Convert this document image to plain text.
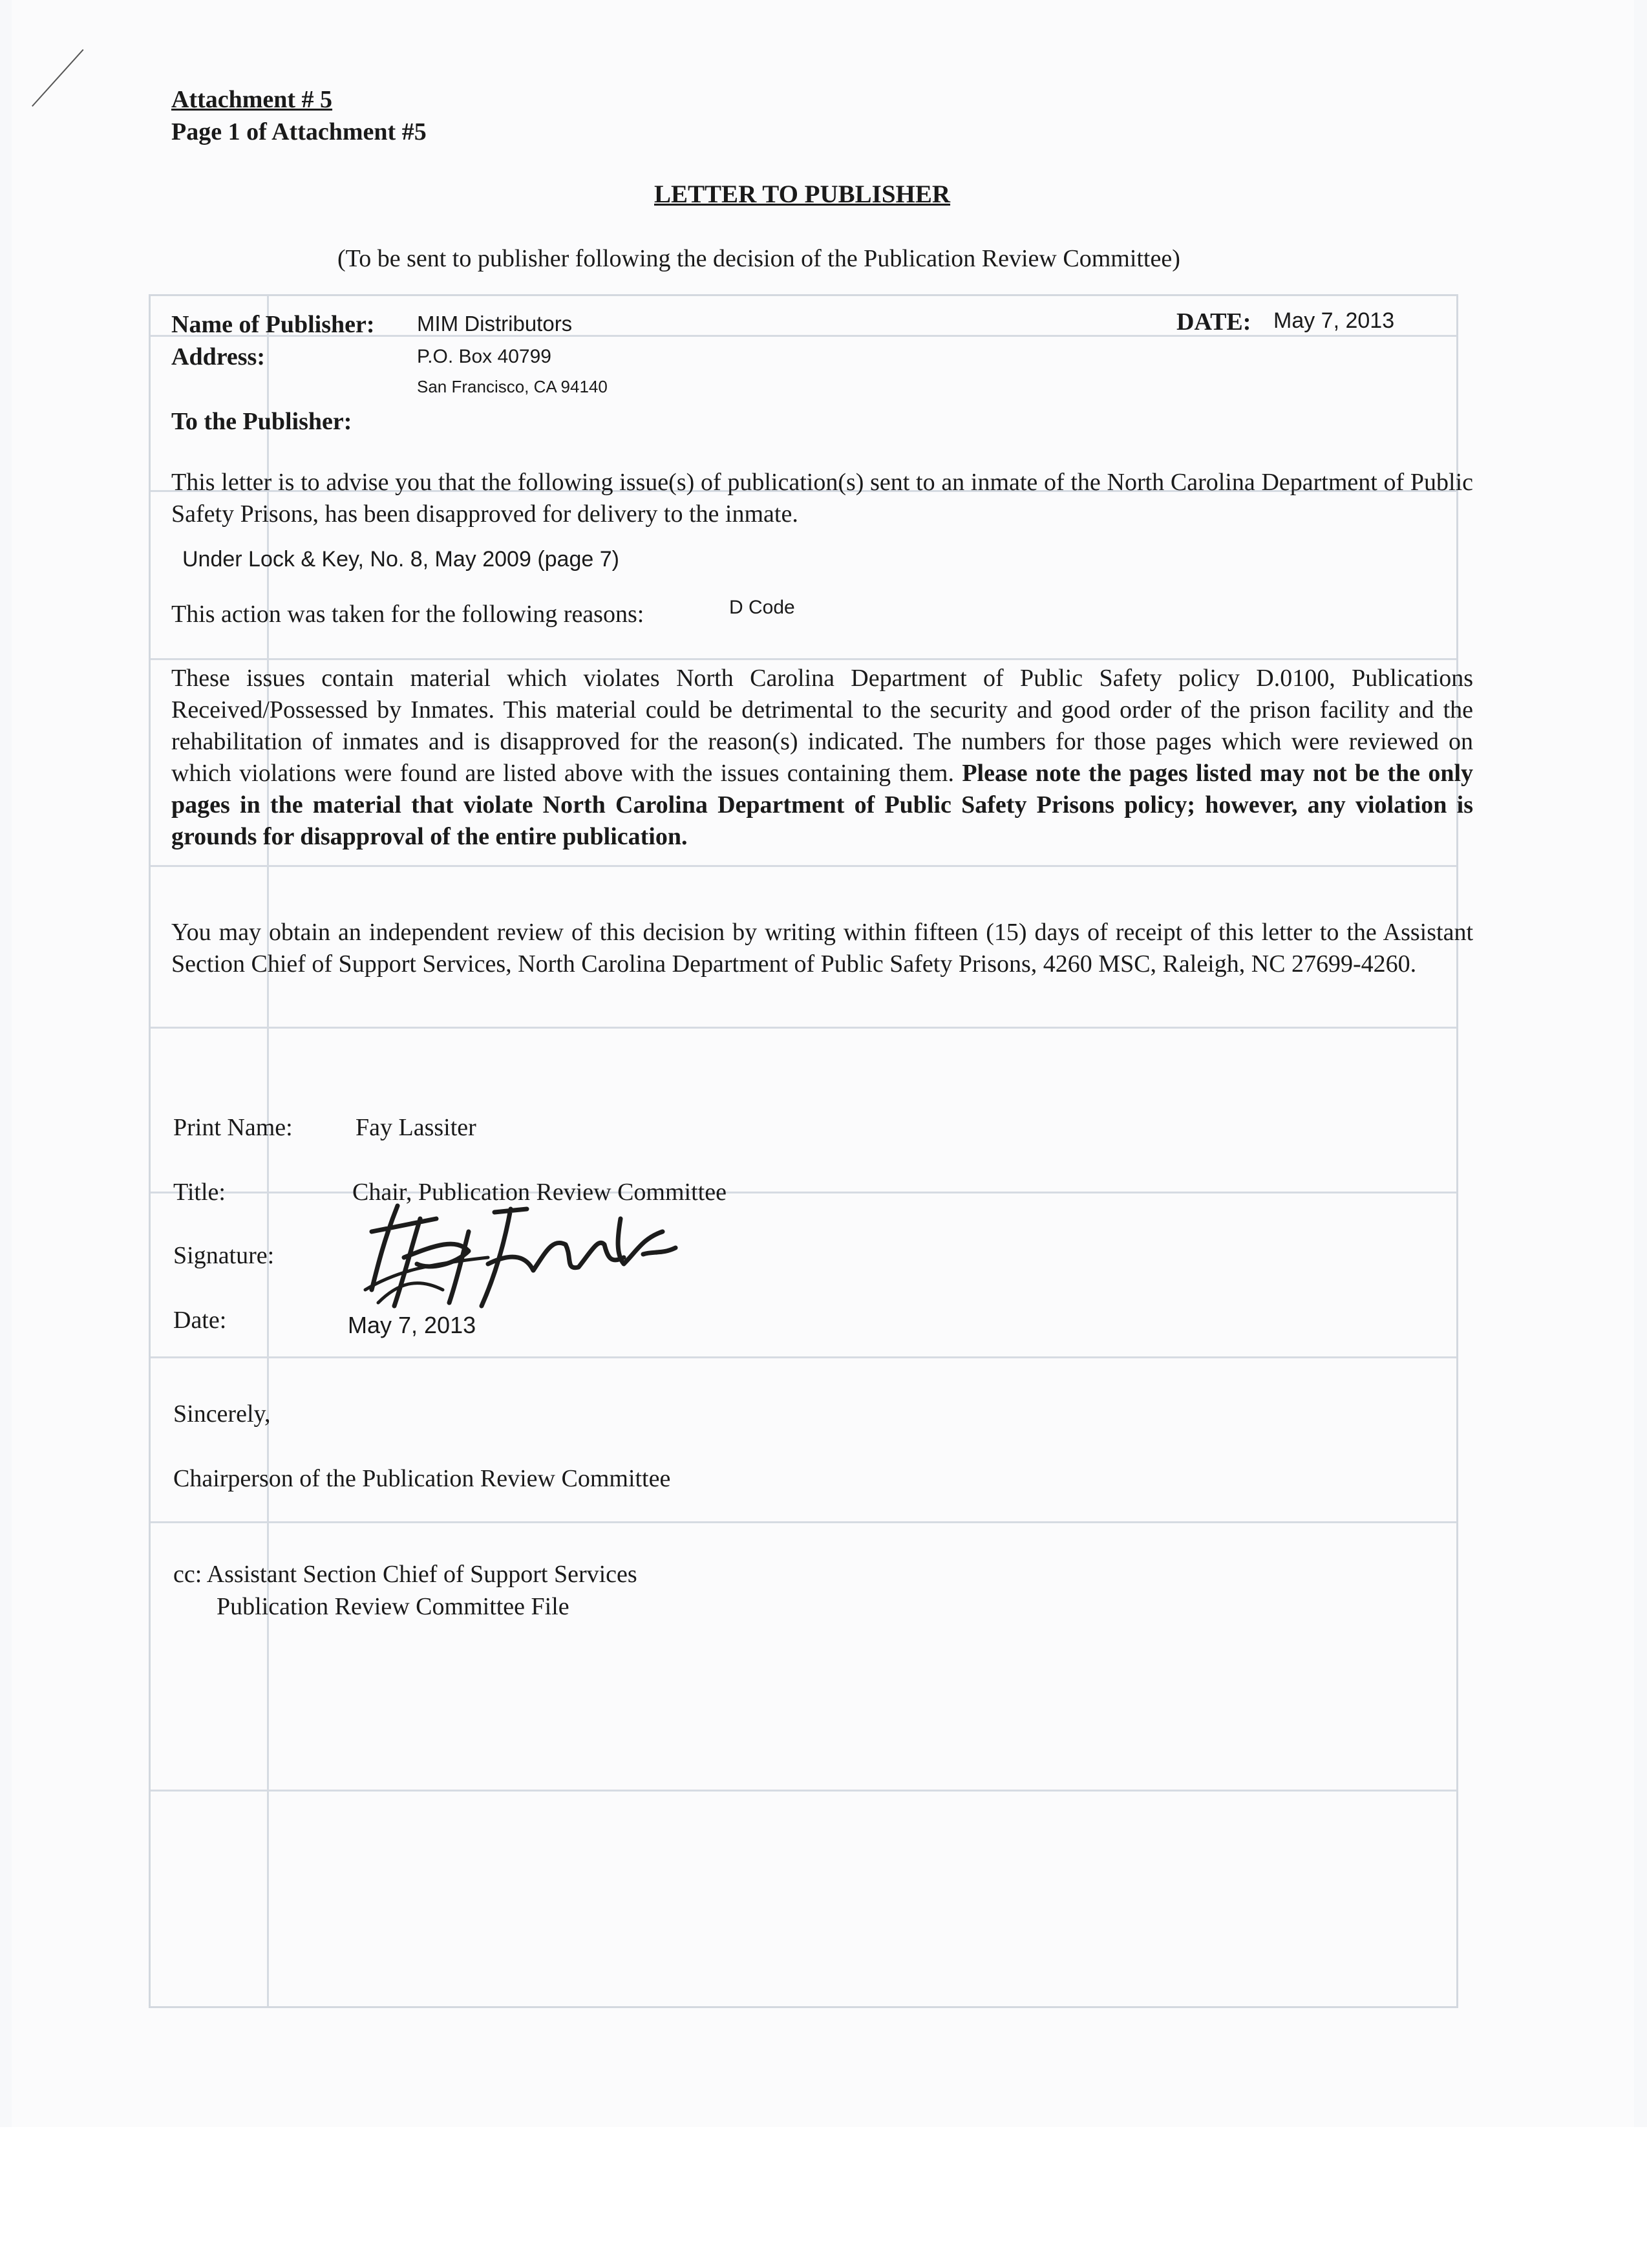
Attachment # 5
Page 1 of Attachment #5
LETTER TO PUBLISHER
(To be sent to publisher following the decision of the Publication Review Committee)
Name of Publisher: MIM Distributors	DATE: May 7, 2013
Address:	P.O. Box 40799
San Francisco, CA 94140
To the Publisher:
This letter is to advise you that the following issue(s) of publication(s) sent to an inmate of the North Carolina Department of Public Safety Prisons, has been disapproved for delivery to the inmate.
Under Lock & Key, No. 8, May 2009 (page 7)
This action was taken for the following reasons:	D Code
These issues contain material which violates North Carolina Department of Public Safety policy D.0100, Publications Received/Possessed by Inmates. This material could be detrimental to the security and good order of the prison facility and the rehabilitation of inmates and is disapproved for the reason(s) indicated. The numbers for those pages which were reviewed on which violations were found are listed above with the issues containing them. Please note the pages listed may not be the only pages in the material that violate North Carolina Department of Public Safety Prisons policy; however, any violation is grounds for disapproval of the entire publication.
You may obtain an independent review of this decision by writing within fifteen (15) days of receipt of this letter to the Assistant Section Chief of Support Services, North Carolina Department of Public Safety Prisons, 4260 MSC, Raleigh, NC 27699-4260.
Print Name:	Fay Lassiter
Title:	Chair, Publication Review Committee
Signature:
Date:	May 7, 2013
Sincerely,
Chairperson of the Publication Review Committee
cc: Assistant Section Chief of Support Services
Publication Review Committee File
